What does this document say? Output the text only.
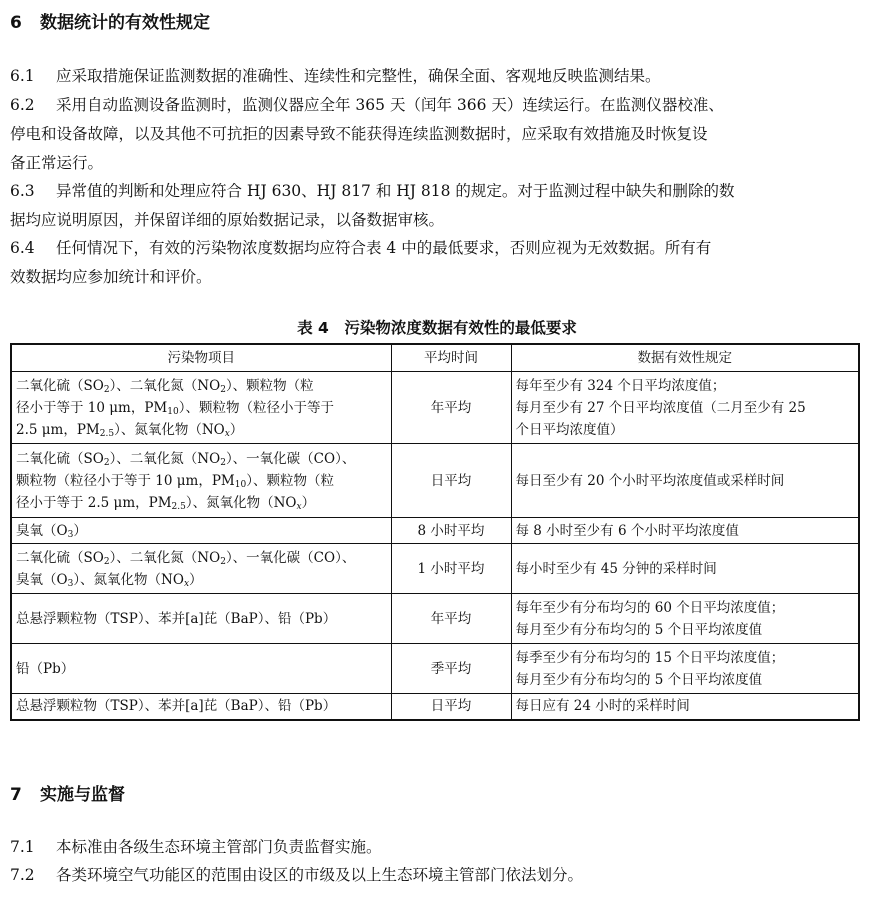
6 数据统计的有效性规定
6.1 应采取措施保证监测数据的准确性、连续性和完整性，确保全面、客观地反映监测结果。
6.2 采用自动监测设备监测时，监测仪器应全年 365 天（闰年 366 天）连续运行。在监测仪器校准、
停电和设备故障，以及其他不可抗拒的因素导致不能获得连续监测数据时，应采取有效措施及时恢复设
备正常运行。
6.3 异常值的判断和处理应符合 HJ 630、HJ 817 和 HJ 818 的规定。对于监测过程中缺失和删除的数
据均应说明原因，并保留详细的原始数据记录，以备数据审核。
6.4 任何情况下，有效的污染物浓度数据均应符合表 4 中的最低要求，否则应视为无效数据。所有有
效数据均应参加统计和评价。
表 4　污染物浓度数据有效性的最低要求
污染物项目	平均时间	数据有效性规定

二氧化硫$(SO_2)$、二氧化氮$(NO_2)$、颗粒物（粒
径小于等于 10 μm，$PM_{10}$）、颗粒物（粒径小于等于
2.5 μm，$PM_{2.5}$）、氮氧化物$(NO_x)$	年平均	每年至少有 324 个日平均浓度值；
每月至少有 27 个日平均浓度值（二月至少有 25
个日平均浓度值）

二氧化硫$(SO_2)$、二氧化氮$(NO_2)$、一氧化碳（CO）、
颗粒物（粒径小于等于 10 μm，$PM_{10}$）、颗粒物（粒
径小于等于 2.5 μm，$PM_{2.5}$）、氮氧化物$(NO_x)$	日平均	每日至少有 20 个小时平均浓度值或采样时间

臭氧$(O_3)$	8 小时平均	每 8 小时至少有 6 个小时平均浓度值

二氧化硫$(SO_2)$、二氧化氮$(NO_2)$、一氧化碳（CO）、
臭氧$(O_3)$、氮氧化物$(NO_x)$	1 小时平均	每小时至少有 45 分钟的采样时间

总悬浮颗粒物（TSP）、苯并[a]芘（BaP）、铅（Pb）	年平均	每年至少有分布均匀的 60 个日平均浓度值；
每月至少有分布均匀的 5 个日平均浓度值

铅（Pb）	季平均	每季至少有分布均匀的 15 个日平均浓度值；
每月至少有分布均匀的 5 个日平均浓度值

总悬浮颗粒物（TSP）、苯并[a]芘（BaP）、铅（Pb）	日平均	每日应有 24 小时的采样时间
7 实施与监督
7.1 本标准由各级生态环境主管部门负责监督实施。
7.2 各类环境空气功能区的范围由设区的市级及以上生态环境主管部门依法划分。
